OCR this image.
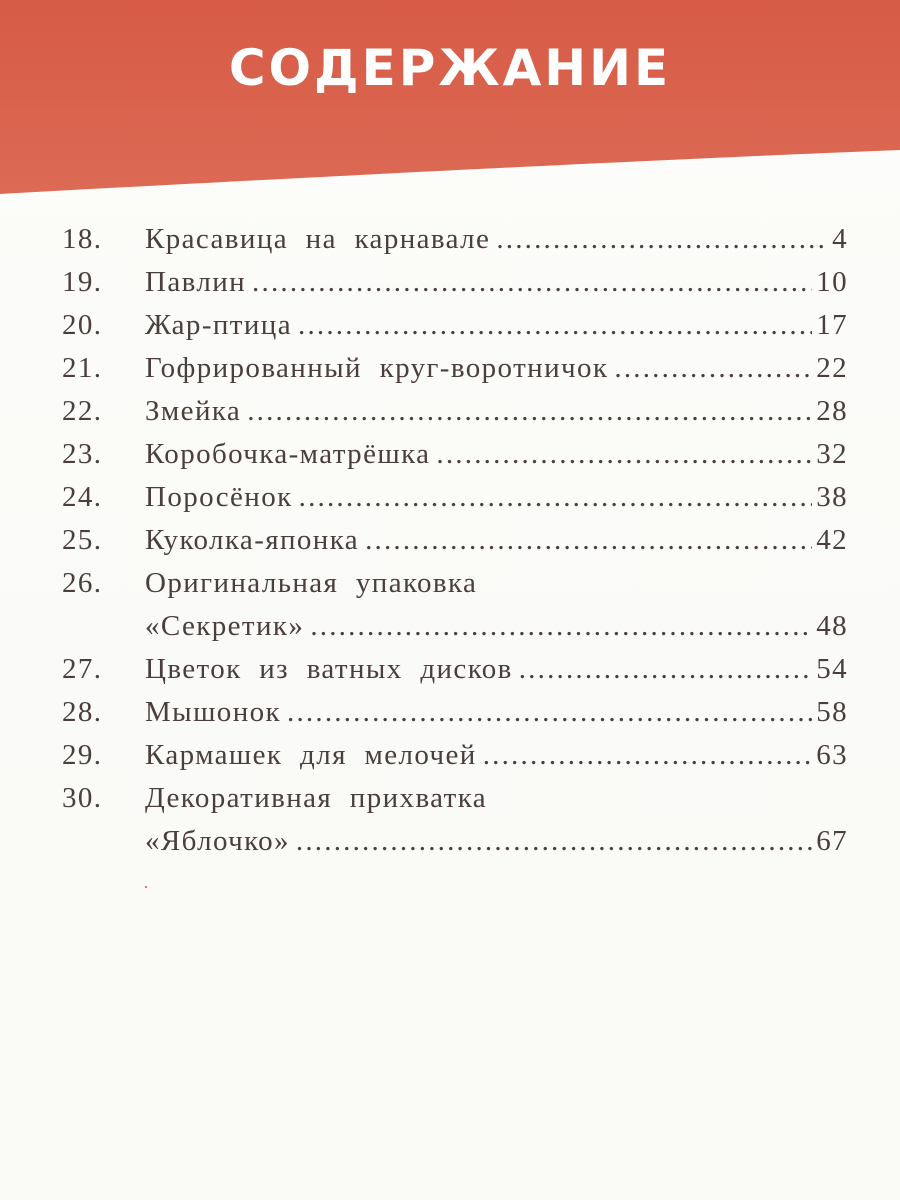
СОДЕРЖАНИЕ
18.	Красавица на карнавале .....	4
19.	Павлин .....	10
20.	Жар-птица .....	17
21.	Гофрированный круг-воротничок .....	22
22.	Змейка .....	28
23.	Коробочка-матрёшка .....	32
24.	Поросёнок .....	38
25.	Куколка-японка .....	42
26.	Оригинальная упаковка
«Секретик» .....	48
27.	Цветок из ватных дисков .....	54
28.	Мышонок .....	58
29.	Кармашек для мелочей .....	63
30.	Декоративная прихватка
«Яблочко» .....	67
